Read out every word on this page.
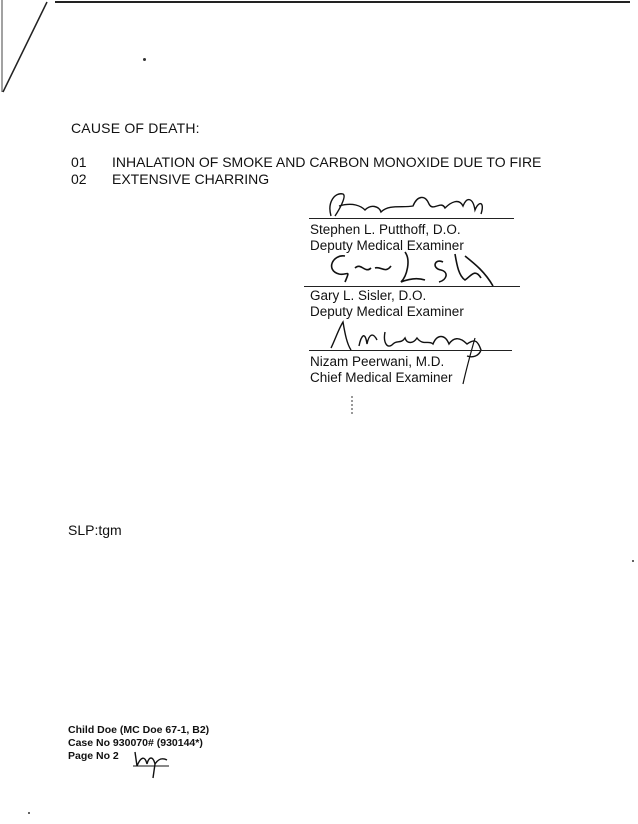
CAUSE OF DEATH:
01 INHALATION OF SMOKE AND CARBON MONOXIDE DUE TO FIRE
02 EXTENSIVE CHARRING
Stephen L. Putthoff, D.O.
Deputy Medical Examiner
Gary L. Sisler, D.O.
Deputy Medical Examiner
Nizam Peerwani, M.D.
Chief Medical Examiner
SLP:tgm
Child Doe (MC Doe 67-1, B2)
Case No 930070# (930144*)
Page No 2
